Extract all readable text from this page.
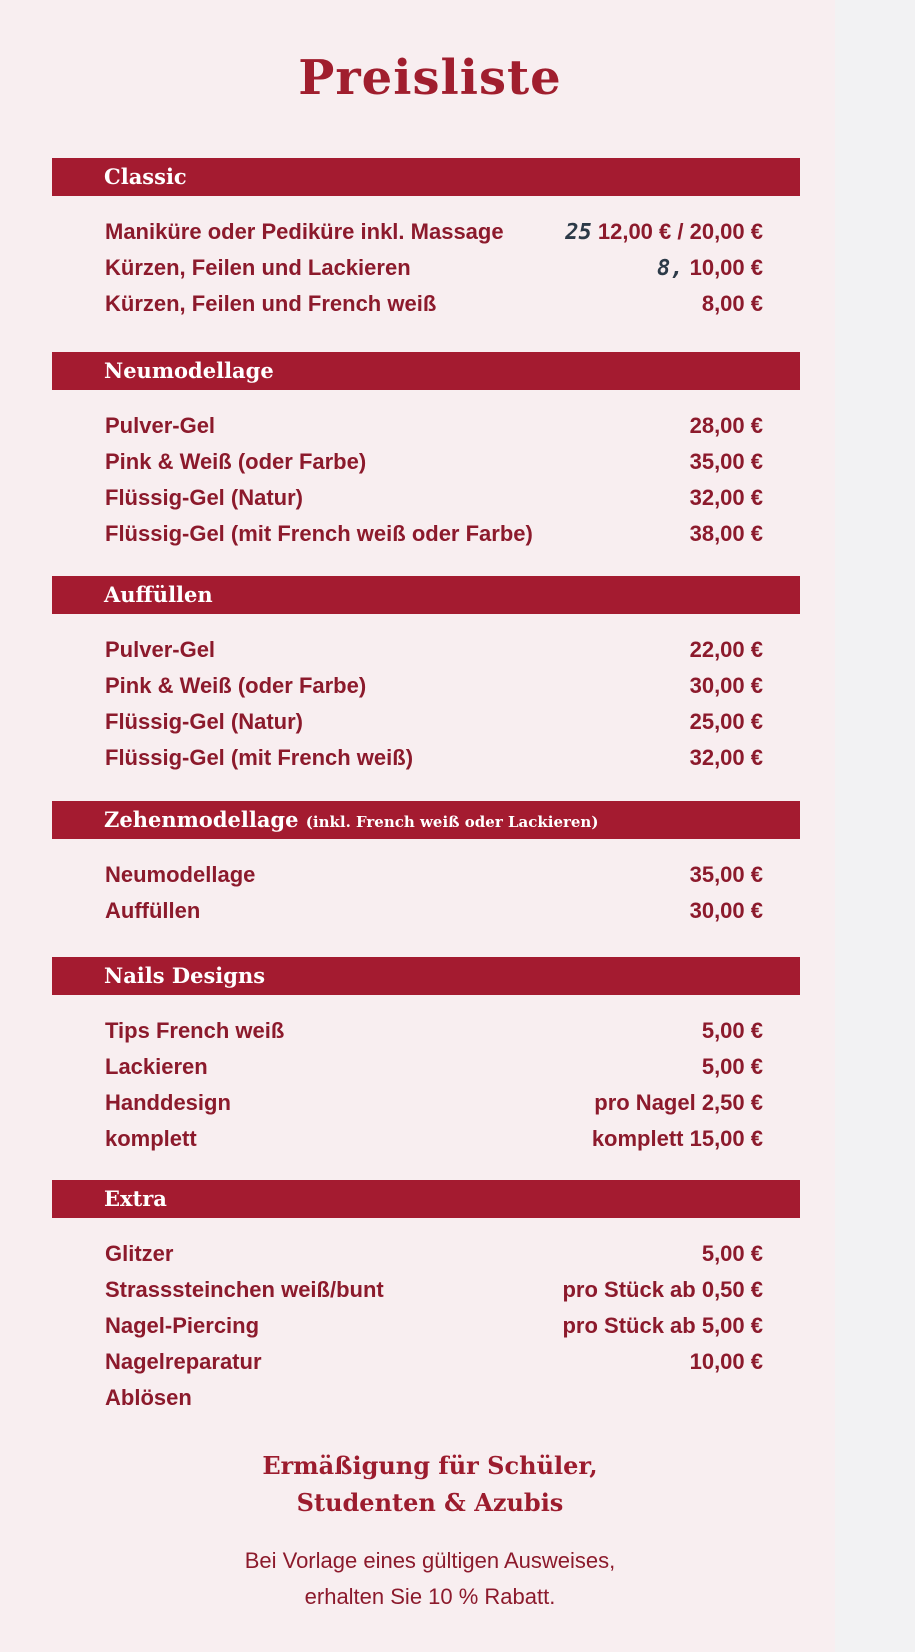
Preisliste
Classic
Maniküre oder Pediküre inkl. Massage	25 12,00 € / 20,00 €
Kürzen, Feilen und Lackieren	8, 10,00 €
Kürzen, Feilen und French weiß	8,00 €
Neumodellage
Pulver-Gel	28,00 €
Pink & Weiß (oder Farbe)	35,00 €
Flüssig-Gel (Natur)	32,00 €
Flüssig-Gel (mit French weiß oder Farbe)	38,00 €
Auffüllen
Pulver-Gel	22,00 €
Pink & Weiß (oder Farbe)	30,00 €
Flüssig-Gel (Natur)	25,00 €
Flüssig-Gel (mit French weiß)	32,00 €
Zehenmodellage (inkl. French weiß oder Lackieren)
Neumodellage	35,00 €
Auffüllen	30,00 €
Nails Designs
Tips French weiß	5,00 €
Lackieren	5,00 €
Handdesign	pro Nagel 2,50 €
komplett	komplett 15,00 €
Extra
Glitzer	5,00 €
Strasssteinchen weiß/bunt	pro Stück ab 0,50 €
Nagel-Piercing	pro Stück ab 5,00 €
Nagelreparatur	10,00 €
Ablösen
Ermäßigung für Schüler,
Studenten & Azubis
Bei Vorlage eines gültigen Ausweises,
erhalten Sie 10 % Rabatt.
